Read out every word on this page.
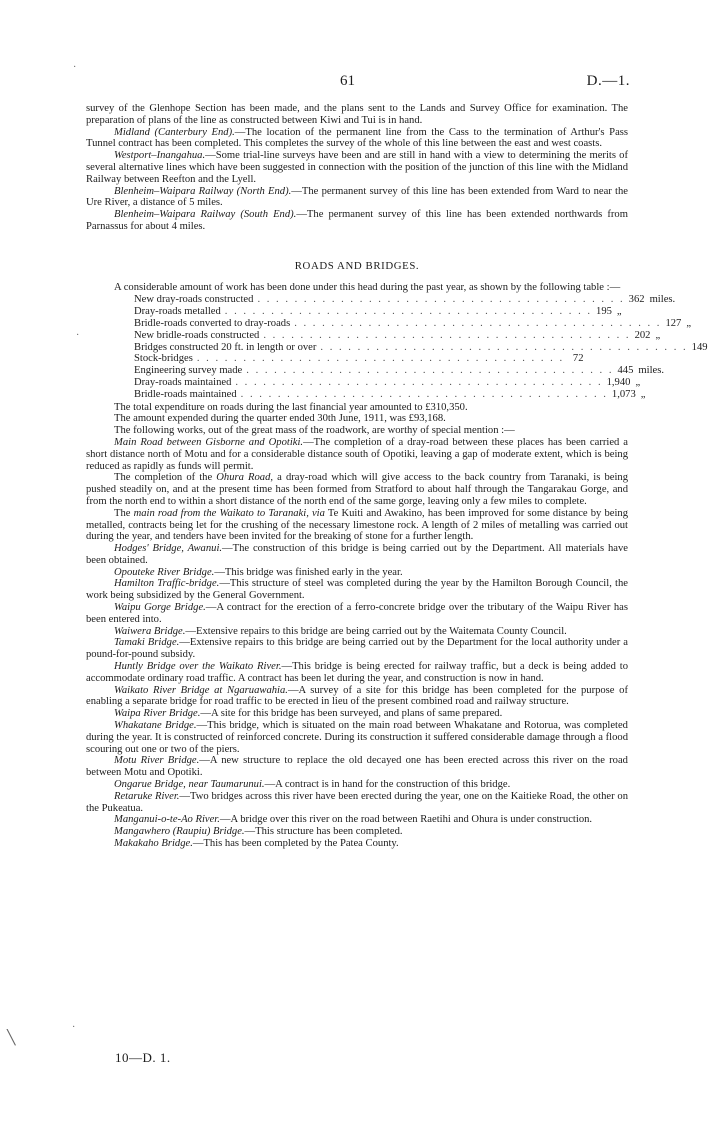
61	D.—1.

survey of the Glenhope Section has been made, and the plans sent to the Lands and Survey Office for examination. The preparation of plans of the line as constructed between Kiwi and Tui is in hand.

Midland (Canterbury End).—The location of the permanent line from the Cass to the termination of Arthur's Pass Tunnel contract has been completed. This completes the survey of the whole of this line between the east and west coasts.

Westport–Inangahua.—Some trial-line surveys have been and are still in hand with a view to determining the merits of several alternative lines which have been suggested in connection with the position of the junction of this line with the Midland Railway between Reefton and the Lyell.

Blenheim–Waipara Railway (North End).—The permanent survey of this line has been extended from Ward to near the Ure River, a distance of 5 miles.

Blenheim–Waipara Railway (South End).—The permanent survey of this line has been extended northwards from Parnassus for about 4 miles.

ROADS AND BRIDGES.

A considerable amount of work has been done under this head during the past year, as shown by the following table :—

New dray-roads constructed . . . . . . . . . . . . . . . . . . . . . . . . . . . . . . . . . . . . . . . . 362 miles.
Dray-roads metalled . . . . . . . . . . . . . . . . . . . . . . . . . . . . . . . . . . . . . . . . 195 „
Bridle-roads converted to dray-roads . . . . . . . . . . . . . . . . . . . . . . . . . . . . . . . . . . . . . . . . 127 „
New bridle-roads constructed . . . . . . . . . . . . . . . . . . . . . . . . . . . . . . . . . . . . . . . . 202 „
Bridges constructed 20 ft. in length or over . . . . . . . . . . . . . . . . . . . . . . . . . . . . . . . . . . . . . . . . 149
Stock-bridges . . . . . . . . . . . . . . . . . . . . . . . . . . . . . . . . . . . . . . . . 72
Engineering survey made . . . . . . . . . . . . . . . . . . . . . . . . . . . . . . . . . . . . . . . . 445 miles.
Dray-roads maintained . . . . . . . . . . . . . . . . . . . . . . . . . . . . . . . . . . . . . . . . 1,940 „
Bridle-roads maintained . . . . . . . . . . . . . . . . . . . . . . . . . . . . . . . . . . . . . . . . 1,073 „

The total expenditure on roads during the last financial year amounted to £310,350.

The amount expended during the quarter ended 30th June, 1911, was £93,168.

The following works, out of the great mass of the roadwork, are worthy of special mention :—

Main Road between Gisborne and Opotiki.—The completion of a dray-road between these places has been carried a short distance north of Motu and for a considerable distance south of Opotiki, leaving a gap of moderate extent, which is being reduced as rapidly as funds will permit.

The completion of the Ohura Road, a dray-road which will give access to the back country from Taranaki, is being pushed steadily on, and at the present time has been formed from Stratford to about half through the Tangarakau Gorge, and from the north end to within a short distance of the north end of the same gorge, leaving only a few miles to complete.

The main road from the Waikato to Taranaki, via Te Kuiti and Awakino, has been improved for some distance by being metalled, contracts being let for the crushing of the necessary limestone rock. A length of 2 miles of metalling was carried out during the year, and tenders have been invited for the breaking of stone for a further length.

Hodges' Bridge, Awanui.—The construction of this bridge is being carried out by the Department. All materials have been obtained.

Opouteke River Bridge.—This bridge was finished early in the year.

Hamilton Traffic-bridge.—This structure of steel was completed during the year by the Hamilton Borough Council, the work being subsidized by the General Government.

Waipu Gorge Bridge.—A contract for the erection of a ferro-concrete bridge over the tributary of the Waipu River has been entered into.

Waiwera Bridge.—Extensive repairs to this bridge are being carried out by the Waitemata County Council.

Tamaki Bridge.—Extensive repairs to this bridge are being carried out by the Department for the local authority under a pound-for-pound subsidy.

Huntly Bridge over the Waikato River.—This bridge is being erected for railway traffic, but a deck is being added to accommodate ordinary road traffic. A contract has been let during the year, and construction is now in hand.

Waikato River Bridge at Ngaruawahia.—A survey of a site for this bridge has been completed for the purpose of enabling a separate bridge for road traffic to be erected in lieu of the present combined road and railway structure.

Waipa River Bridge.—A site for this bridge has been surveyed, and plans of same prepared.

Whakatane Bridge.—This bridge, which is situated on the main road between Whakatane and Rotorua, was completed during the year. It is constructed of reinforced concrete. During its construction it suffered considerable damage through a flood scouring out one or two of the piers.

Motu River Bridge.—A new structure to replace the old decayed one has been erected across this river on the road between Motu and Opotiki.

Ongarue Bridge, near Taumarunui.—A contract is in hand for the construction of this bridge.

Retaruke River.—Two bridges across this river have been erected during the year, one on the Kaitieke Road, the other on the Pukeatua.

Manganui-o-te-Ao River.—A bridge over this river on the road between Raetihi and Ohura is under construction.

Mangawhero (Raupiu) Bridge.—This structure has been completed.

Makakaho Bridge.—This has been completed by the Patea County.

10—D. 1.
·
·
·
╲
